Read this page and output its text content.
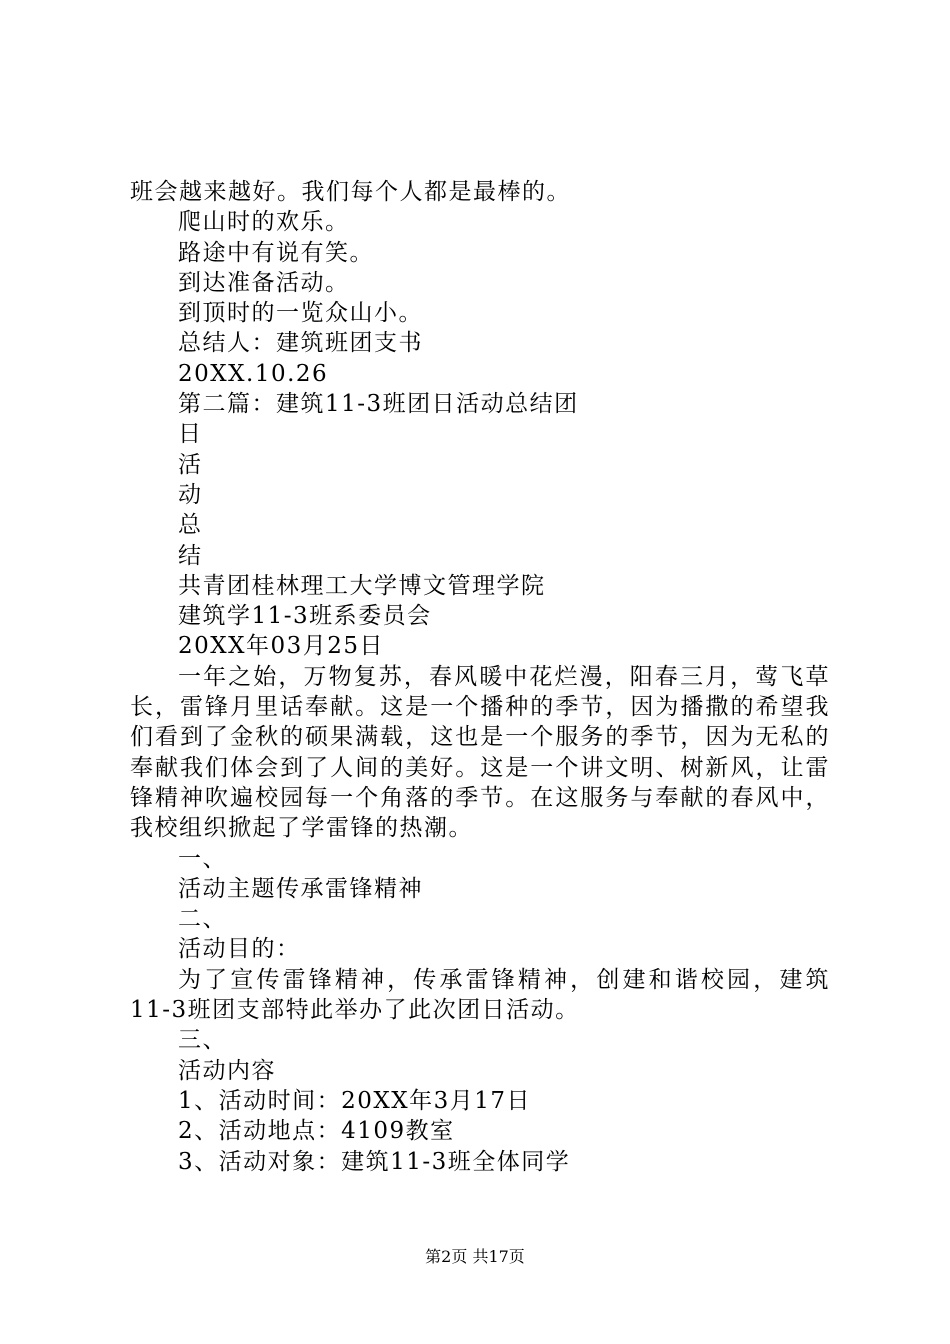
班会越来越好。我们每个人都是最棒的。
爬山时的欢乐。
路途中有说有笑。
到达准备活动。
到顶时的一览众山小。
总结人：建筑班团支书
20XX.10.26
第二篇：建筑11-3班团日活动总结团
日
活
动
总
结
共青团桂林理工大学博文管理学院
建筑学11-3班系委员会
20XX年03月25日
一年之始，万物复苏，春风暖中花烂漫，阳春三月，莺飞草长，雷锋月里话奉献。这是一个播种的季节，因为播撒的希望我们看到了金秋的硕果满载，这也是一个服务的季节，因为无私的奉献我们体会到了人间的美好。这是一个讲文明、树新风，让雷锋精神吹遍校园每一个角落的季节。在这服务与奉献的春风中，我校组织掀起了学雷锋的热潮。
一、
活动主题传承雷锋精神
二、
活动目的：
为了宣传雷锋精神，传承雷锋精神，创建和谐校园，建筑11-3班团支部特此举办了此次团日活动。
三、
活动内容
1、活动时间：20XX年3月17日
2、活动地点：4109教室
3、活动对象：建筑11-3班全体同学
第2页 共17页
